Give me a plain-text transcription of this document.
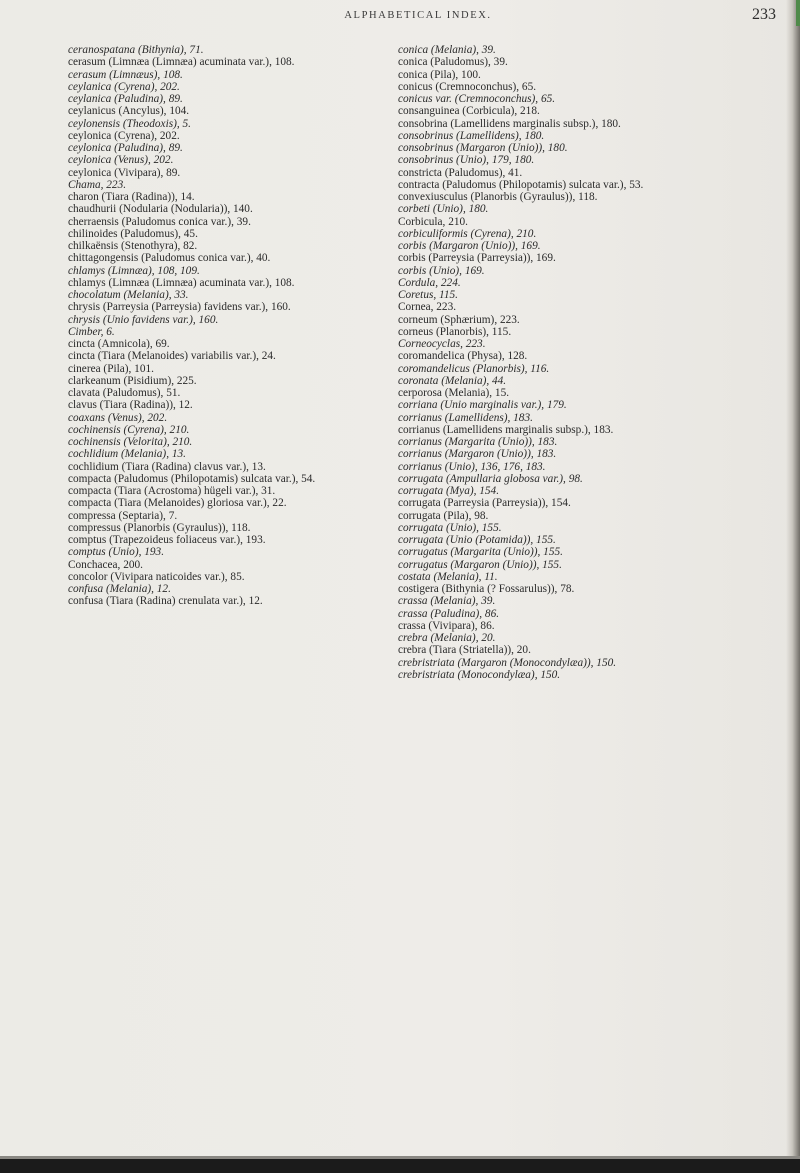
ALPHABETICAL INDEX.	233

ceranospatana (Bithynia), 71.

cerasum (Limnæa (Limnæa) acuminata var.), 108.

cerasum (Limnæus), 108.

ceylanica (Cyrena), 202.

ceylanica (Paludina), 89.

ceylanicus (Ancylus), 104.

ceylonensis (Theodoxis), 5.

ceylonica (Cyrena), 202.

ceylonica (Paludina), 89.

ceylonica (Venus), 202.

ceylonica (Vivipara), 89.

Chama, 223.

charon (Tiara (Radina)), 14.

chaudhurii (Nodularia (Nodularia)), 140.

cherraensis (Paludomus conica var.), 39.

chilinoides (Paludomus), 45.

chilkaënsis (Stenothyra), 82.

chittagongensis (Paludomus conica var.), 40.

chlamys (Limnæa), 108, 109.

chlamys (Limnæa (Limnæa) acuminata var.), 108.

chocolatum (Melania), 33.

chrysis (Parreysia (Parreysia) favidens var.), 160.

chrysis (Unio favidens var.), 160.

Cimber, 6.

cincta (Amnicola), 69.

cincta (Tiara (Melanoides) variabilis var.), 24.

cinerea (Pila), 101.

clarkeanum (Pisidium), 225.

clavata (Paludomus), 51.

clavus (Tiara (Radina)), 12.

coaxans (Venus), 202.

cochinensis (Cyrena), 210.

cochinensis (Velorita), 210.

cochlidium (Melania), 13.

cochlidium (Tiara (Radina) clavus var.), 13.

compacta (Paludomus (Philopotamis) sulcata var.), 54.

compacta (Tiara (Acrostoma) hügeli var.), 31.

compacta (Tiara (Melanoides) gloriosa var.), 22.

compressa (Septaria), 7.

compressus (Planorbis (Gyraulus)), 118.

comptus (Trapezoideus foliaceus var.), 193.

comptus (Unio), 193.

Conchacea, 200.

concolor (Vivipara naticoides var.), 85.

confusa (Melania), 12.

confusa (Tiara (Radina) crenulata var.), 12.

conica (Melania), 39.

conica (Paludomus), 39.

conica (Pila), 100.

conicus (Cremnoconchus), 65.

conicus var. (Cremnoconchus), 65.

consanguinea (Corbicula), 218.

consobrina (Lamellidens marginalis subsp.), 180.

consobrinus (Lamellidens), 180.

consobrinus (Margaron (Unio)), 180.

consobrinus (Unio), 179, 180.

constricta (Paludomus), 41.

contracta (Paludomus (Philopotamis) sulcata var.), 53.

convexiusculus (Planorbis (Gyraulus)), 118.

corbeti (Unio), 180.

Corbicula, 210.

corbiculiformis (Cyrena), 210.

corbis (Margaron (Unio)), 169.

corbis (Parreysia (Parreysia)), 169.

corbis (Unio), 169.

Cordula, 224.

Coretus, 115.

Cornea, 223.

corneum (Sphærium), 223.

corneus (Planorbis), 115.

Corneocyclas, 223.

coromandelica (Physa), 128.

coromandelicus (Planorbis), 116.

coronata (Melania), 44.

cerporosa (Melania), 15.

corriana (Unio marginalis var.), 179.

corrianus (Lamellidens), 183.

corrianus (Lamellidens marginalis subsp.), 183.

corrianus (Margarita (Unio)), 183.

corrianus (Margaron (Unio)), 183.

corrianus (Unio), 136, 176, 183.

corrugata (Ampullaria globosa var.), 98.

corrugata (Mya), 154.

corrugata (Parreysia (Parreysia)), 154.

corrugata (Pila), 98.

corrugata (Unio), 155.

corrugata (Unio (Potamida)), 155.

corrugatus (Margarita (Unio)), 155.

corrugatus (Margaron (Unio)), 155.

costata (Melania), 11.

costigera (Bithynia (? Fossarulus)), 78.

crassa (Melania), 39.

crassa (Paludina), 86.

crassa (Vivipara), 86.

crebra (Melania), 20.

crebra (Tiara (Striatella)), 20.

crebristriata (Margaron (Monocondylæa)), 150.

crebristriata (Monocondylæa), 150.
